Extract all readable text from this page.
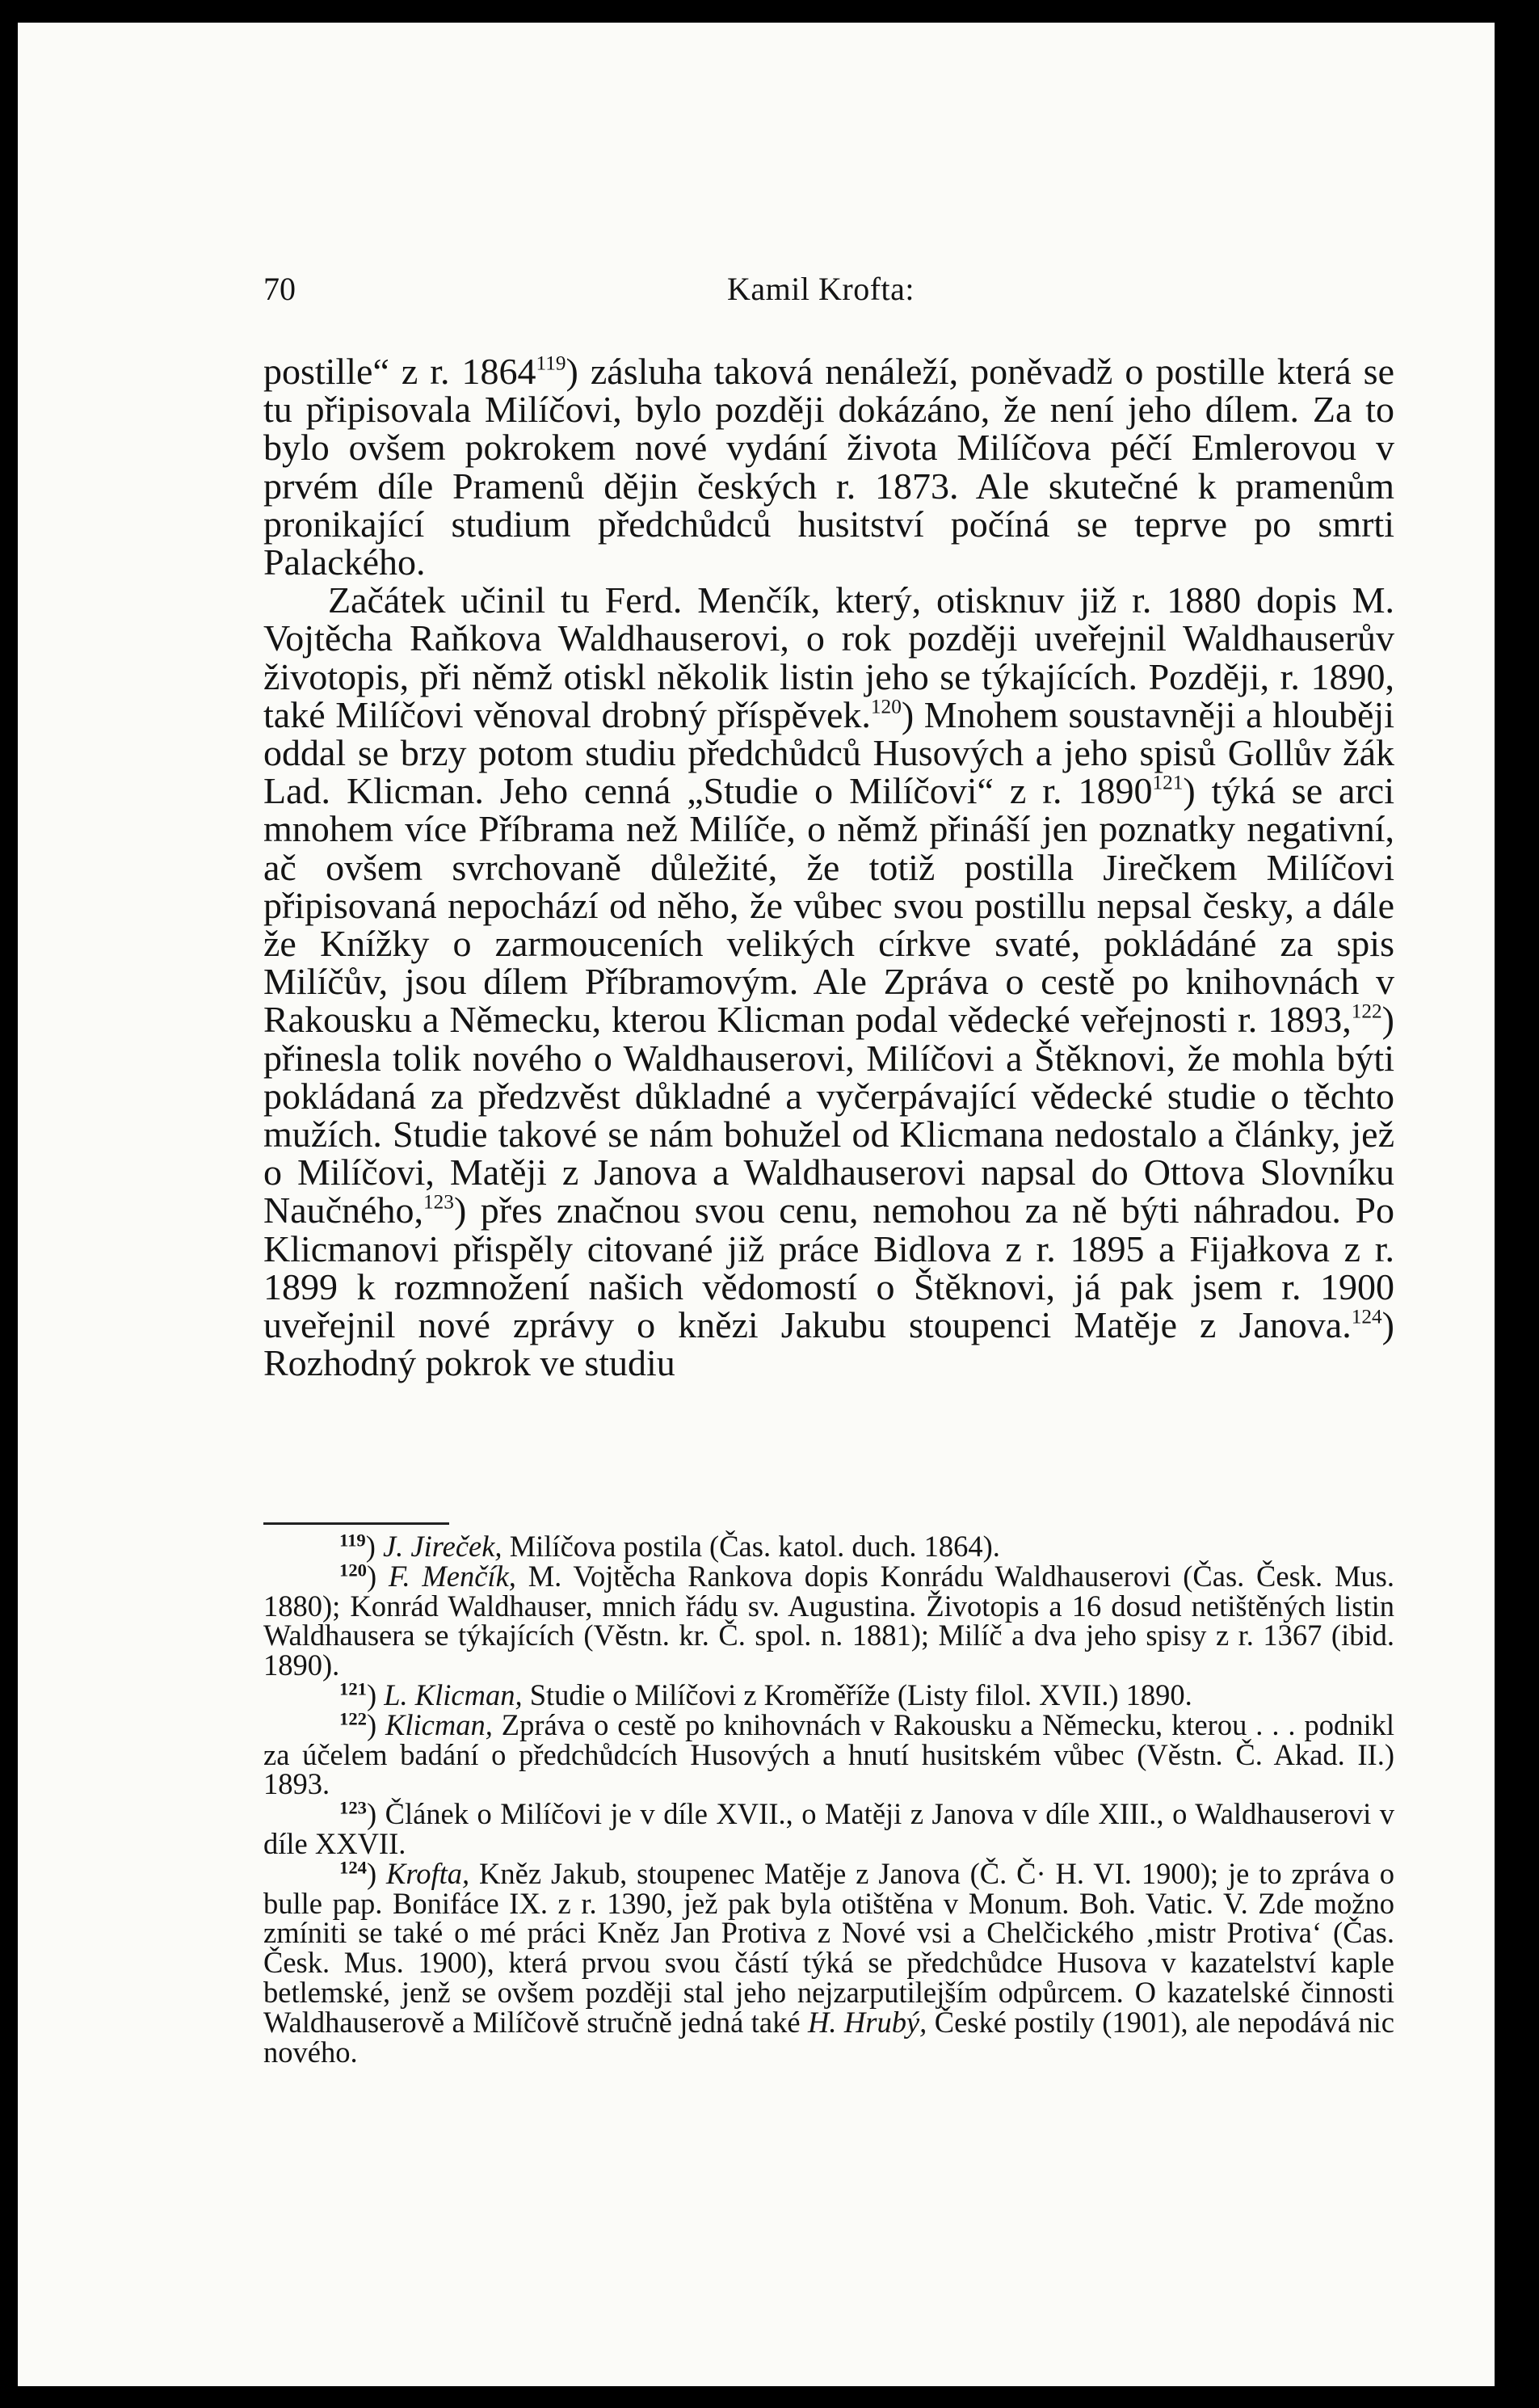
70	Kamil Krofta:

postille“ z r. 1864$^{119}$) zásluha taková nenáleží, poněvadž o postille která se tu připisovala Milíčovi, bylo později dokázáno, že není jeho dílem. Za to bylo ovšem pokrokem nové vydání života Milíčova péčí Emlerovou v prvém díle Pramenů dějin českých r. 1873. Ale skutečné k pramenům pronikající studium předchůdců husitství počíná se teprve po smrti Palackého.

Začátek učinil tu Ferd. Menčík, který, otisknuv již r. 1880 dopis M. Vojtěcha Raňkova Waldhauserovi, o rok později uveřejnil Waldhauserův životopis, při němž otiskl několik listin jeho se týkajících. Později, r. 1890, také Milíčovi věnoval drobný příspěvek.$^{120}$) Mnohem soustavněji a hlouběji oddal se brzy potom studiu předchůdců Husových a jeho spisů Gollův žák Lad. Klicman. Jeho cenná „Studie o Milíčovi“ z r. 1890$^{121}$) týká se arci mnohem více Příbrama než Milíče, o němž přináší jen poznatky negativní, ač ovšem svrchovaně důležité, že totiž postilla Jirečkem Milíčovi připisovaná nepochází od něho, že vůbec svou postillu nepsal česky, a dále že Knížky o zarmouceních velikých církve svaté, pokládáné za spis Milíčův, jsou dílem Příbramovým. Ale Zpráva o cestě po knihovnách v Rakousku a Německu, kterou Klicman podal vědecké veřejnosti r. 1893,$^{122}$) přinesla tolik nového o Waldhauserovi, Milíčovi a Štěknovi, že mohla býti pokládaná za předzvěst důkladné a vyčerpávající vědecké studie o těchto mužích. Studie takové se nám bohužel od Klicmana nedostalo a články, jež o Milíčovi, Matěji z Janova a Waldhauserovi napsal do Ottova Slovníku Naučného,$^{123}$) přes značnou svou cenu, nemohou za ně býti náhradou. Po Klicmanovi přispěly citované již práce Bidlova z r. 1895 a Fijałkova z r. 1899 k rozmnožení našich vědomostí o Štěknovi, já pak jsem r. 1900 uveřejnil nové zprávy o knězi Jakubu stoupenci Matěje z Janova.$^{124}$) Rozhodný pokrok ve studiu

$^{119}$) J. Jireček, Milíčova postila (Čas. katol. duch. 1864).

$^{120}$) F. Menčík, M. Vojtěcha Rankova dopis Konrádu Waldhauserovi (Čas. Česk. Mus. 1880); Konrád Waldhauser, mnich řádu sv. Augustina. Životopis a 16 dosud netištěných listin Waldhausera se týkajících (Věstn. kr. Č. spol. n. 1881); Milíč a dva jeho spisy z r. 1367 (ibid. 1890).

$^{121}$) L. Klicman, Studie o Milíčovi z Kroměříže (Listy filol. XVII.) 1890.

$^{122}$) Klicman, Zpráva o cestě po knihovnách v Rakousku a Německu, kterou . . . podnikl za účelem badání o předchůdcích Husových a hnutí husitském vůbec (Věstn. Č. Akad. II.) 1893.

$^{123}$) Článek o Milíčovi je v díle XVII., o Matěji z Janova v díle XIII., o Waldhauserovi v díle XXVII.

$^{124}$) Krofta, Kněz Jakub, stoupenec Matěje z Janova (Č. Č· H. VI. 1900); je to zpráva o bulle pap. Bonifáce IX. z r. 1390, jež pak byla otištěna v Monum. Boh. Vatic. V. Zde možno zmíniti se také o mé práci Kněz Jan Protiva z Nové vsi a Chelčického ‚mistr Protiva‘ (Čas. Česk. Mus. 1900), která prvou svou částí týká se předchůdce Husova v kazatelství kaple betlemské, jenž se ovšem později stal jeho nejzarputilejším odpůrcem. O kazatelské činnosti Waldhauserově a Milíčově stručně jedná také H. Hrubý, České postily (1901), ale nepodává nic nového.
